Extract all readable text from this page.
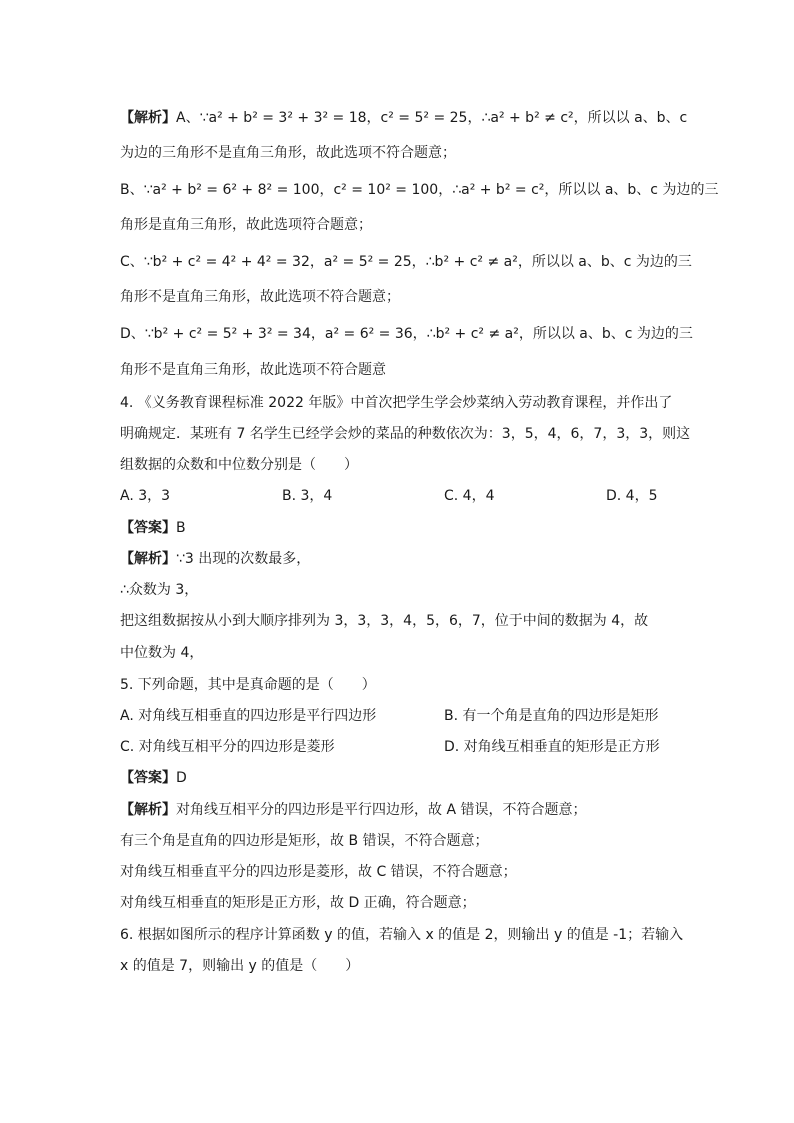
【解析】A、∵a² + b² = 3² + 3² = 18，c² = 5² = 25，∴a² + b² ≠ c²，所以以 a、b、c
为边的三角形不是直角三角形，故此选项不符合题意；
B、∵a² + b² = 6² + 8² = 100，c² = 10² = 100，∴a² + b² = c²，所以以 a、b、c 为边的三
角形是直角三角形，故此选项符合题意；
C、∵b² + c² = 4² + 4² = 32，a² = 5² = 25，∴b² + c² ≠ a²，所以以 a、b、c 为边的三
角形不是直角三角形，故此选项不符合题意；
D、∵b² + c² = 5² + 3² = 34，a² = 6² = 36，∴b² + c² ≠ a²，所以以 a、b、c 为边的三
角形不是直角三角形，故此选项不符合题意
4. 《义务教育课程标准 2022 年版》中首次把学生学会炒菜纳入劳动教育课程，并作出了
明确规定．某班有 7 名学生已经学会炒的菜品的种数依次为：3，5，4，6，7，3，3，则这
组数据的众数和中位数分别是（　　）
A. 3，3	B. 3，4	C. 4，4	D. 4，5
【答案】B
【解析】∵3 出现的次数最多，
∴众数为 3，
把这组数据按从小到大顺序排列为 3，3，3，4，5，6，7，位于中间的数据为 4，故
中位数为 4，
5. 下列命题，其中是真命题的是（　　）
A. 对角线互相垂直的四边形是平行四边形	B. 有一个角是直角的四边形是矩形
C. 对角线互相平分的四边形是菱形	D. 对角线互相垂直的矩形是正方形
【答案】D
【解析】对角线互相平分的四边形是平行四边形，故 A 错误，不符合题意；
有三个角是直角的四边形是矩形，故 B 错误，不符合题意；
对角线互相垂直平分的四边形是菱形，故 C 错误，不符合题意；
对角线互相垂直的矩形是正方形，故 D 正确，符合题意；
6. 根据如图所示的程序计算函数 y 的值，若输入 x 的值是 2，则输出 y 的值是 -1；若输入
x 的值是 7，则输出 y 的值是（　　）
